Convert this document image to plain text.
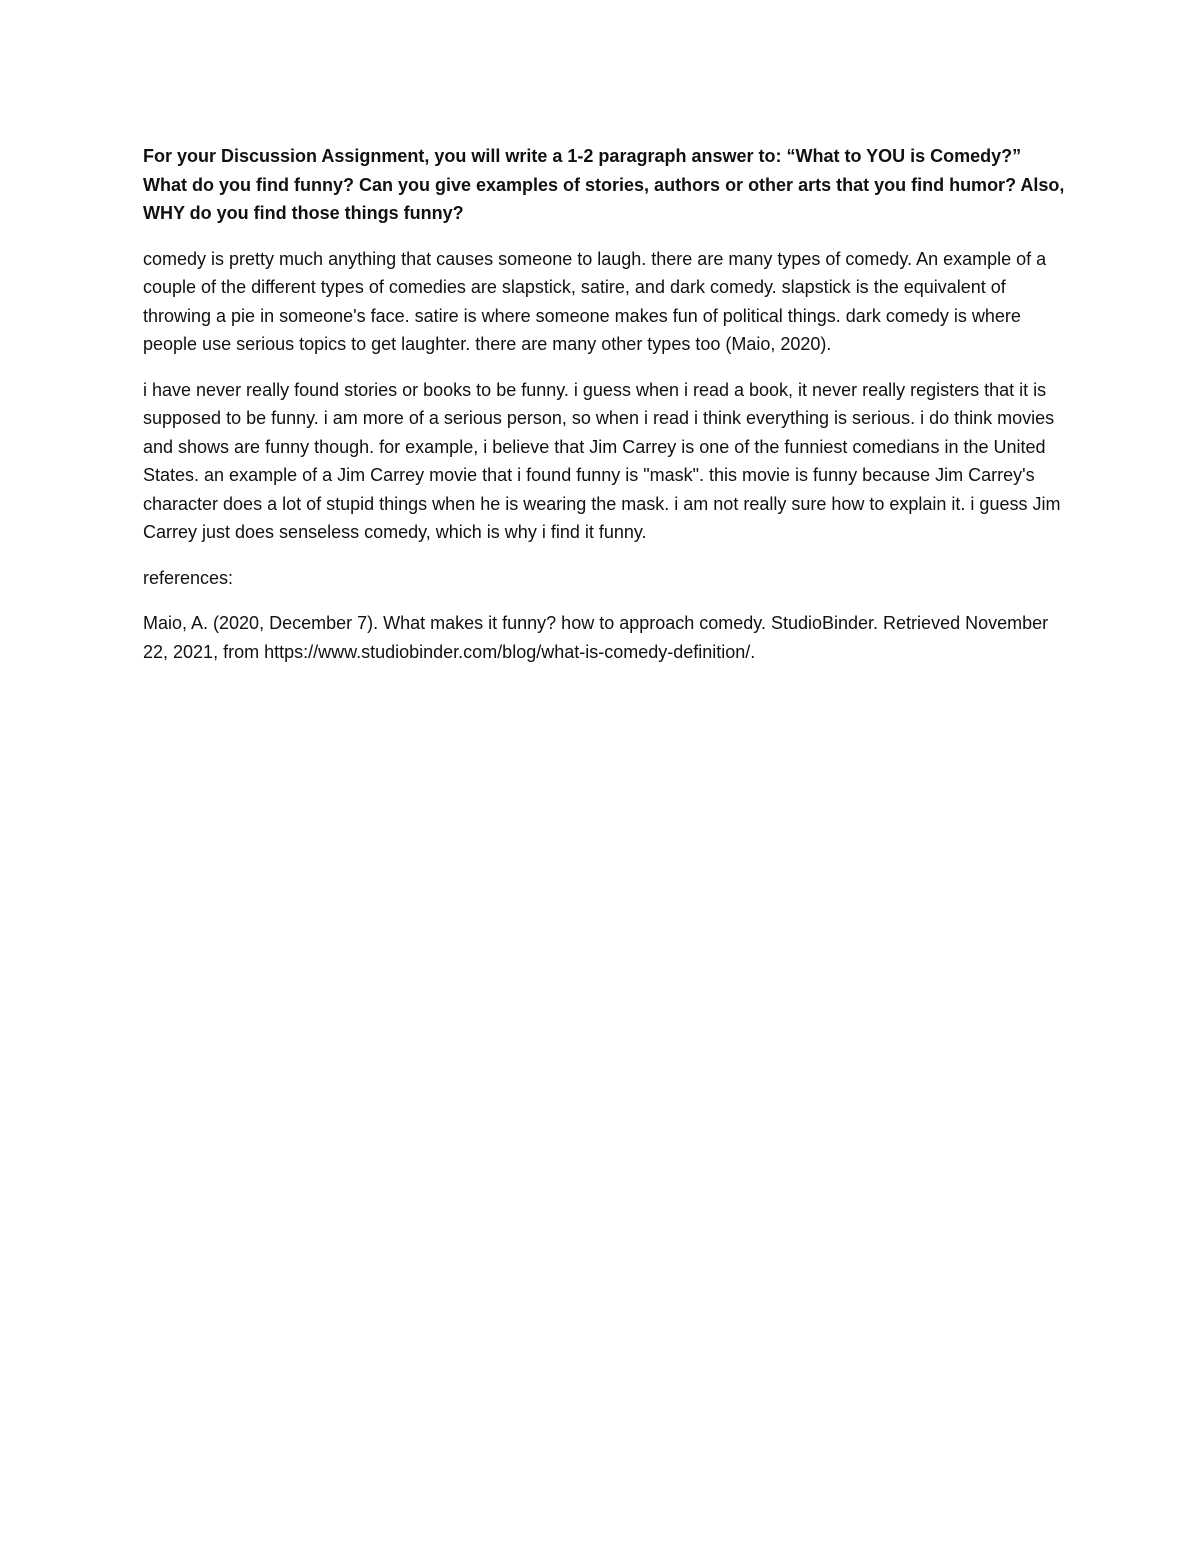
For your Discussion Assignment, you will write a 1-2 paragraph answer to: “What to YOU is Comedy?” What do you find funny? Can you give examples of stories, authors or other arts that you find humor? Also, WHY do you find those things funny?

comedy is pretty much anything that causes someone to laugh. there are many types of comedy. An example of a couple of the different types of comedies are slapstick, satire, and dark comedy. slapstick is the equivalent of throwing a pie in someone's face. satire is where someone makes fun of political things. dark comedy is where people use serious topics to get laughter. there are many other types too (Maio, 2020).

i have never really found stories or books to be funny. i guess when i read a book, it never really registers that it is supposed to be funny. i am more of a serious person, so when i read i think everything is serious. i do think movies and shows are funny though. for example, i believe that Jim Carrey is one of the funniest comedians in the United States. an example of a Jim Carrey movie that i found funny is "mask". this movie is funny because Jim Carrey's character does a lot of stupid things when he is wearing the mask. i am not really sure how to explain it. i guess Jim Carrey just does senseless comedy, which is why i find it funny.

references:

Maio, A. (2020, December 7). What makes it funny? how to approach comedy. StudioBinder. Retrieved November 22, 2021, from https://www.studiobinder.com/blog/what-is-comedy-definition/.
